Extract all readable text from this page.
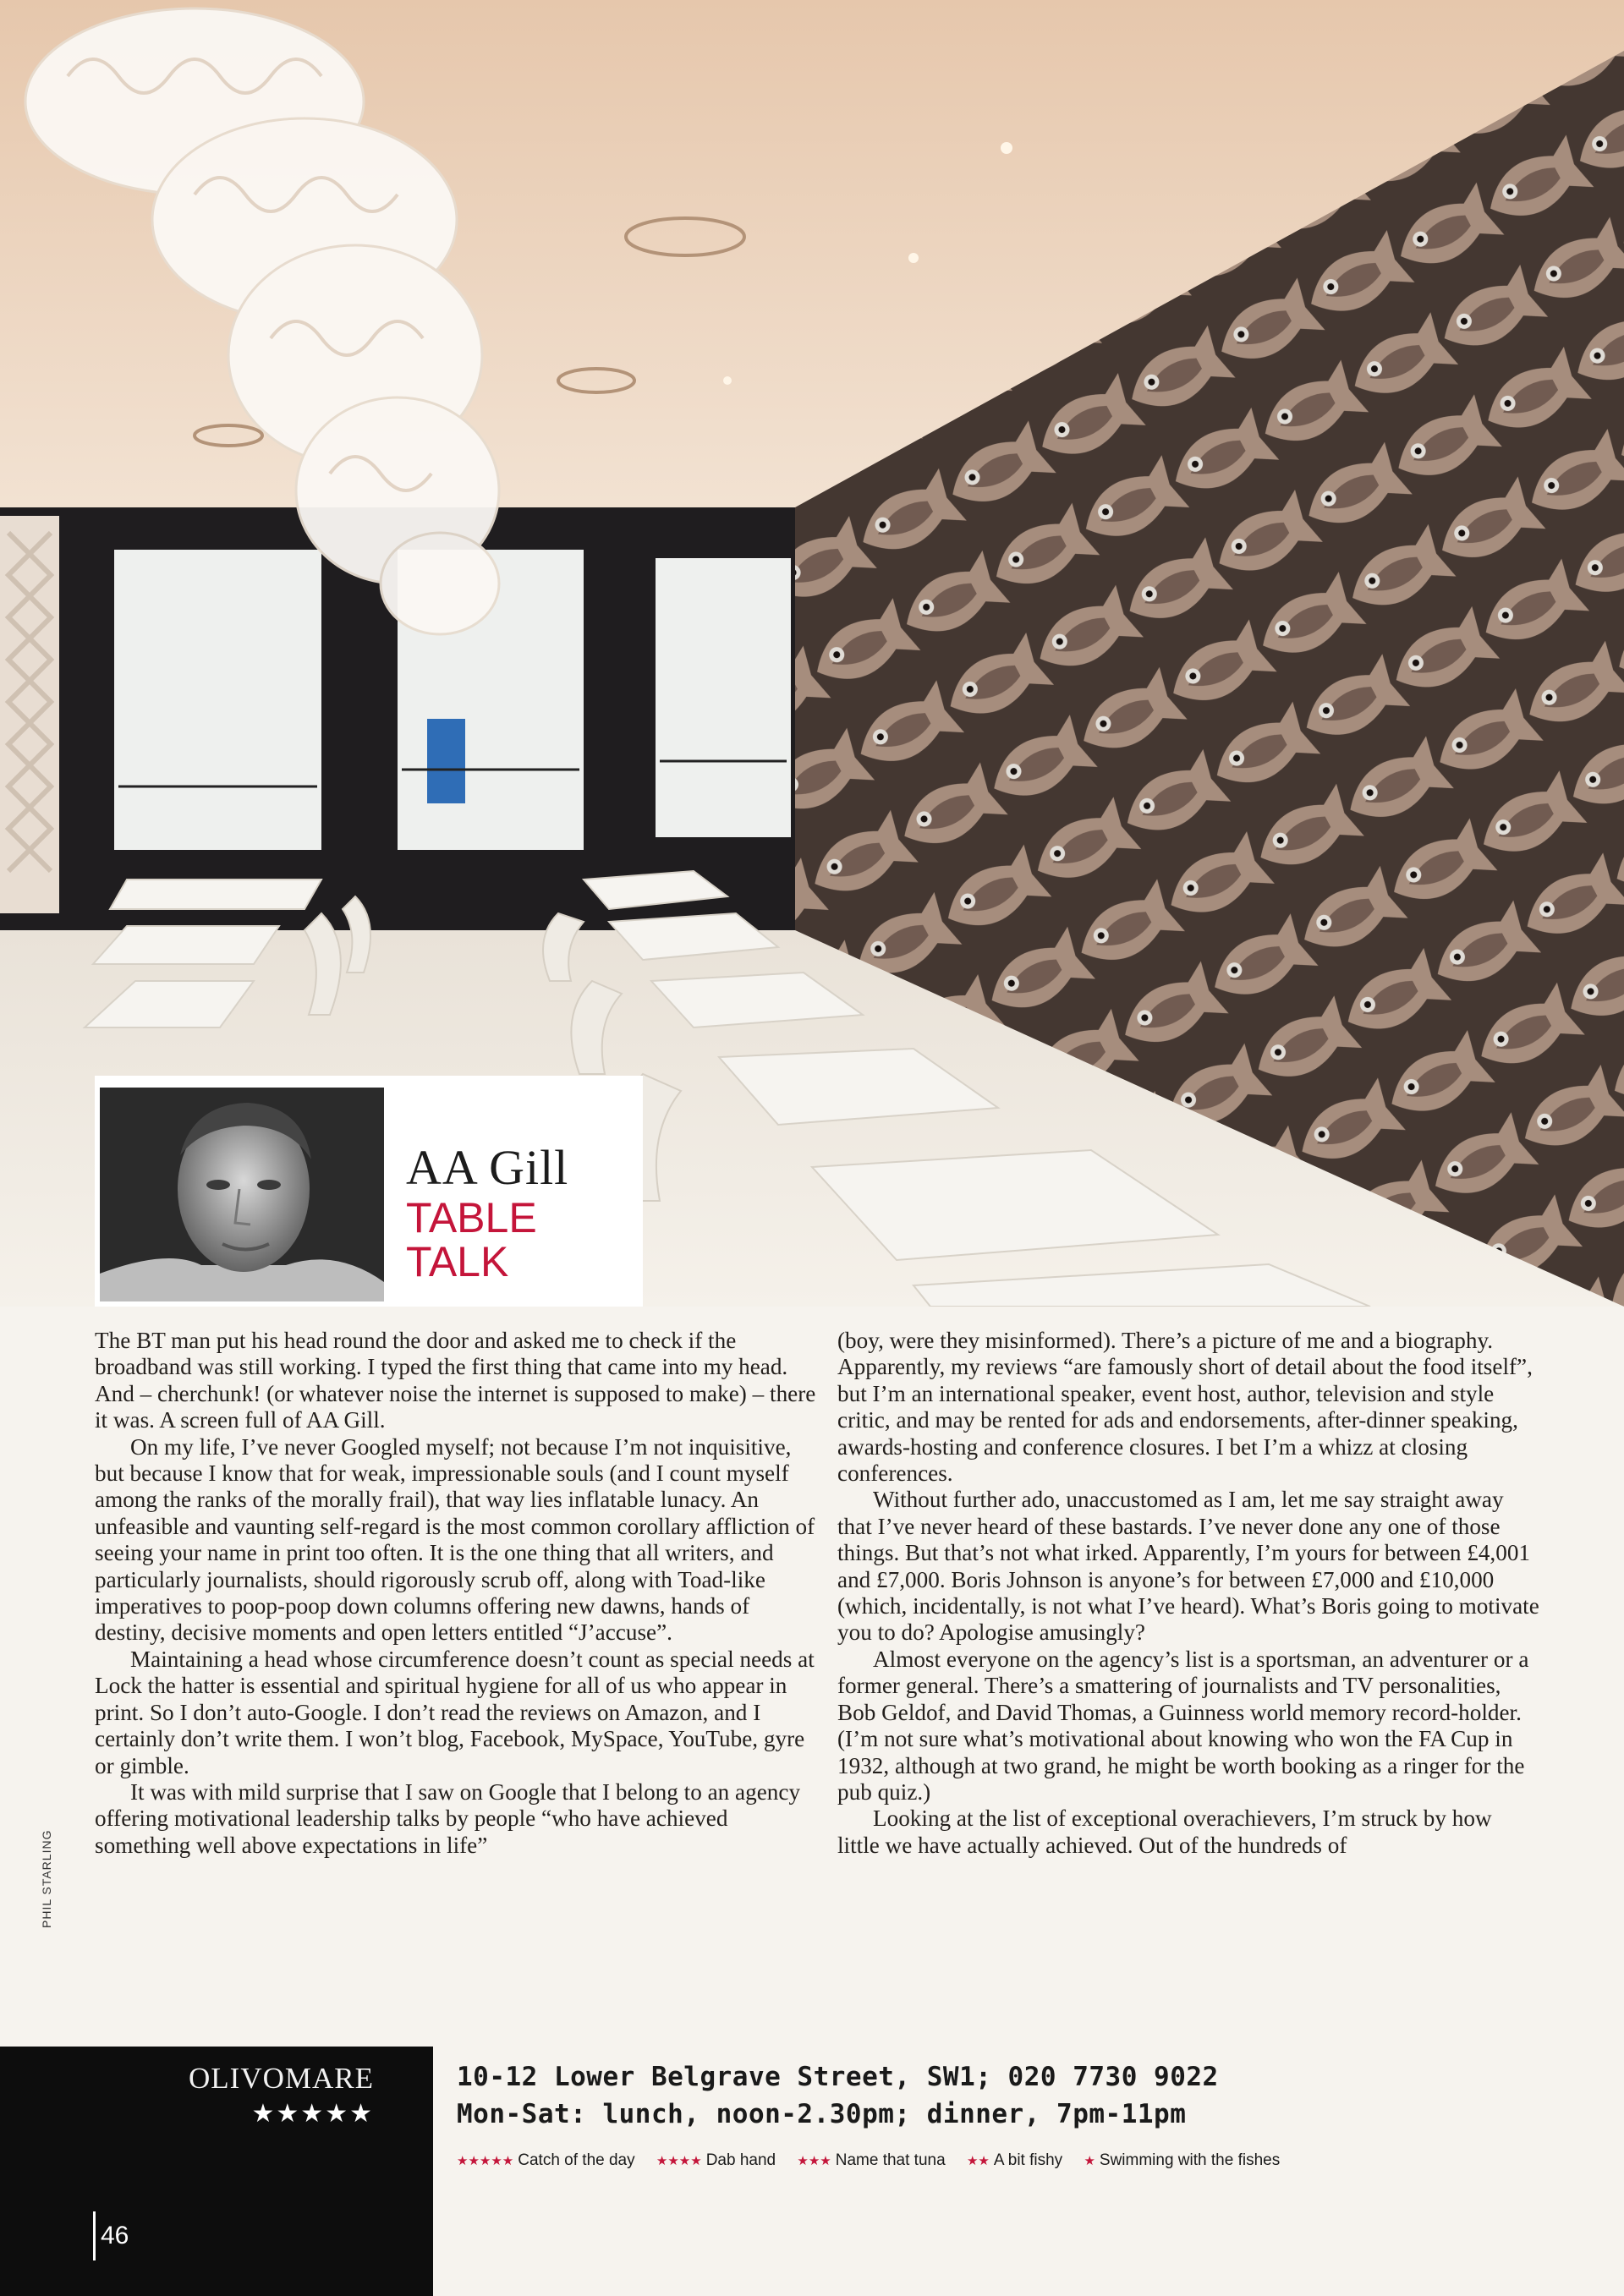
AA Gill
TABLE TALK

The BT man put his head round the door and asked me to check if the broadband was still working. I typed the first thing that came into my head. And – cherchunk! (or whatever noise the internet is supposed to make) – there it was. A screen full of AA Gill.

On my life, I’ve never Googled myself; not because I’m not inquisitive, but because I know that for weak, impressionable souls (and I count myself among the ranks of the morally frail), that way lies inflatable lunacy. An unfeasible and vaunting self-regard is the most common corollary affliction of seeing your name in print too often. It is the one thing that all writers, and particularly journalists, should rigorously scrub off, along with Toad-like imperatives to poop-poop down columns offering new dawns, hands of destiny, decisive moments and open letters entitled “J’accuse”.

Maintaining a head whose circumference doesn’t count as special needs at Lock the hatter is essential and spiritual hygiene for all of us who appear in print. So I don’t auto-Google. I don’t read the reviews on Amazon, and I certainly don’t write them. I won’t blog, Facebook, MySpace, YouTube, gyre or gimble.

It was with mild surprise that I saw on Google that I belong to an agency offering motivational leadership talks by people “who have achieved something well above expectations in life”

(boy, were they misinformed). There’s a picture of me and a biography. Apparently, my reviews “are famously short of detail about the food itself”, but I’m an international speaker, event host, author, television and style critic, and may be rented for ads and endorsements, after-dinner speaking, awards-hosting and conference closures. I bet I’m a whizz at closing conferences.

Without further ado, unaccustomed as I am, let me say straight away that I’ve never heard of these bastards. I’ve never done any one of those things. But that’s not what irked. Apparently, I’m yours for between £4,001 and £7,000. Boris Johnson is anyone’s for between £7,000 and £10,000 (which, incidentally, is not what I’ve heard). What’s Boris going to motivate you to do? Apologise amusingly?

Almost everyone on the agency’s list is a sportsman, an adventurer or a former general. There’s a smattering of journalists and TV personalities, Bob Geldof, and David Thomas, a Guinness world memory record-holder. (I’m not sure what’s motivational about knowing who won the FA Cup in 1932, although at two grand, he might be worth booking as a ringer for the pub quiz.)

Looking at the list of exceptional overachievers, I’m struck by how little we have actually achieved. Out of the hundreds of

PHIL STARLING
OLIVOMARE
★★★★★
46
10-12 Lower Belgrave Street, SW1; 020 7730 9022
Mon-Sat: lunch, noon-2.30pm; dinner, 7pm-11pm
★★★★★ Catch of the day ★★★★ Dab hand ★★★ Name that tuna ★★ A bit fishy ★ Swimming with the fishes
